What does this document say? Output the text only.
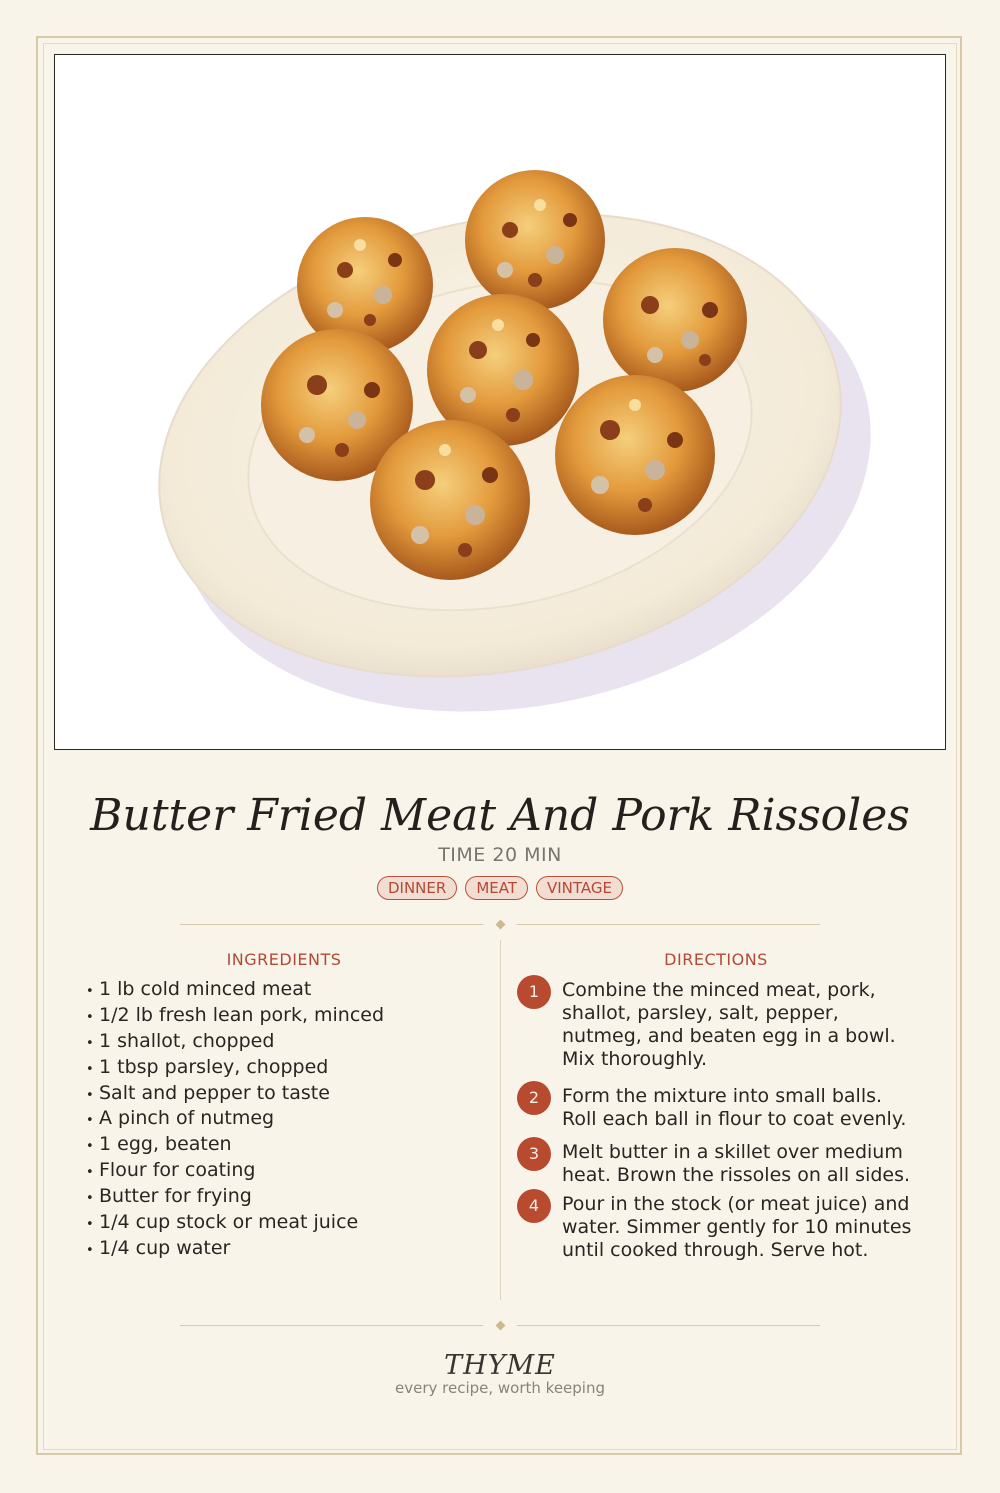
Butter Fried Meat And Pork Rissoles
TIME 20 MIN
DINNER	MEAT	VINTAGE
INGREDIENTS	DIRECTIONS
• 1 lb cold minced meat
• 1/2 lb fresh lean pork, minced
• 1 shallot, chopped
• 1 tbsp parsley, chopped
• Salt and pepper to taste
• A pinch of nutmeg
• 1 egg, beaten
• Flour for coating
• Butter for frying
• 1/4 cup stock or meat juice
• 1/4 cup water
1	Combine the minced meat, pork, shallot, parsley, salt, pepper, nutmeg, and beaten egg in a bowl. Mix thoroughly.
2	Form the mixture into small balls. Roll each ball in flour to coat evenly.
3	Melt butter in a skillet over medium heat. Brown the rissoles on all sides.
4	Pour in the stock (or meat juice) and water. Simmer gently for 10 minutes until cooked through. Serve hot.
THYME
every recipe, worth keeping
